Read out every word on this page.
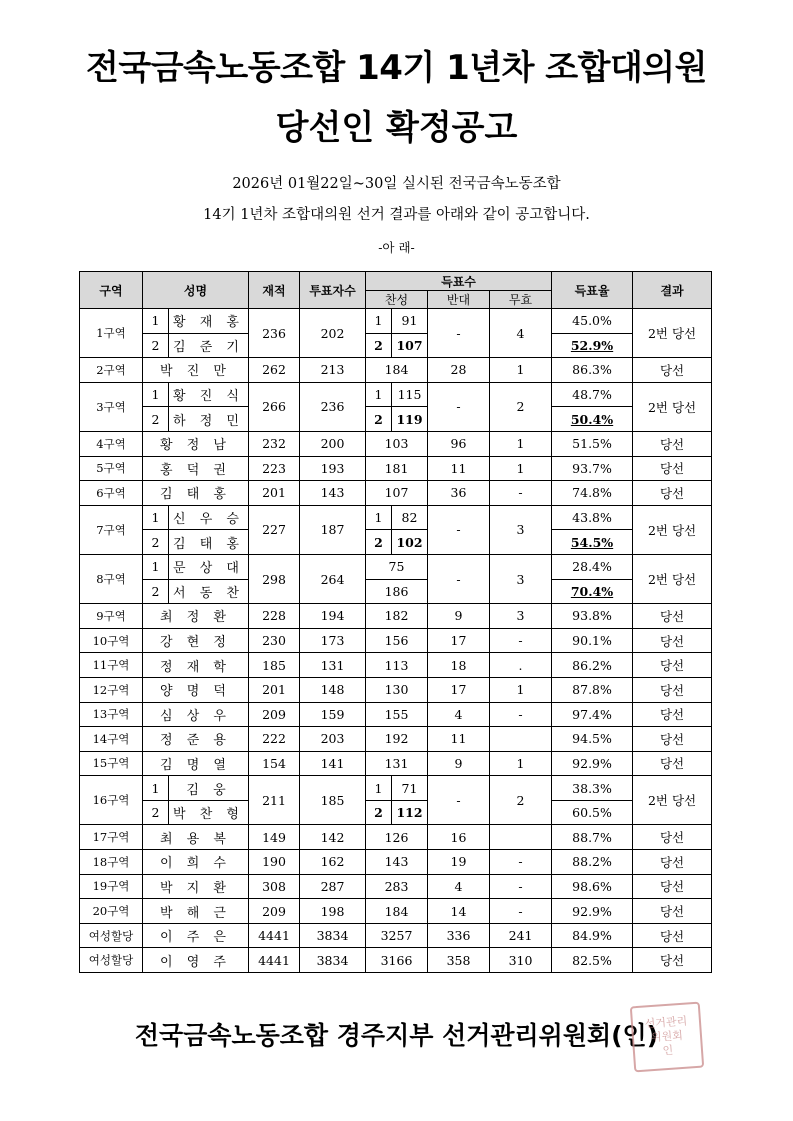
전국금속노동조합 14기 1년차 조합대의원
당선인 확정공고
2026년 01월22일~30일 실시된 전국금속노동조합
14기 1년차 조합대의원 선거 결과를 아래와 같이 공고합니다.
-아 래-
구역	성명		재적	투표자수	득표수				득표율	결과
					찬성		반대	무효		
1구역	1	황 재 홍	236	202	1	91	-	4	45.0%	2번 당선
	2	김 준 기			2	107			52.9%	
2구역	박 진 만		262	213	184		28	1	86.3%	당선
3구역	1	황 진 식	266	236	1	115	-	2	48.7%	2번 당선
	2	하 정 민			2	119			50.4%	
4구역	황 정 남		232	200	103		96	1	51.5%	당선
5구역	홍 덕 권		223	193	181		11	1	93.7%	당선
6구역	김 태 홍		201	143	107		36	-	74.8%	당선
7구역	1	신 우 승	227	187	1	82	-	3	43.8%	2번 당선
	2	김 태 홍			2	102			54.5%	
8구역	1	문 상 대	298	264	75		-	3	28.4%	2번 당선
	2	서 동 찬			186				70.4%	
9구역	최 정 환		228	194	182		9	3	93.8%	당선
10구역	강 현 정		230	173	156		17	-	90.1%	당선
11구역	정 재 학		185	131	113		18	.	86.2%	당선
12구역	양 명 덕		201	148	130		17	1	87.8%	당선
13구역	심 상 우		209	159	155		4	-	97.4%	당선
14구역	정 준 용		222	203	192		11		94.5%	당선
15구역	김 명 열		154	141	131		9	1	92.9%	당선
16구역	1	김 웅	211	185	1	71	-	2	38.3%	2번 당선
	2	박 찬 형			2	112			60.5%	
17구역	최 용 복		149	142	126		16		88.7%	당선
18구역	이 희 수		190	162	143		19	-	88.2%	당선
19구역	박 지 환		308	287	283		4	-	98.6%	당선
20구역	박 해 근		209	198	184		14	-	92.9%	당선
여성할당	이 주 은		4441	3834	3257		336	241	84.9%	당선
여성할당	이 영 주		4441	3834	3166		358	310	82.5%	당선
전국금속노동조합 경주지부 선거관리위원회(인)
선거관리
위원회
인
